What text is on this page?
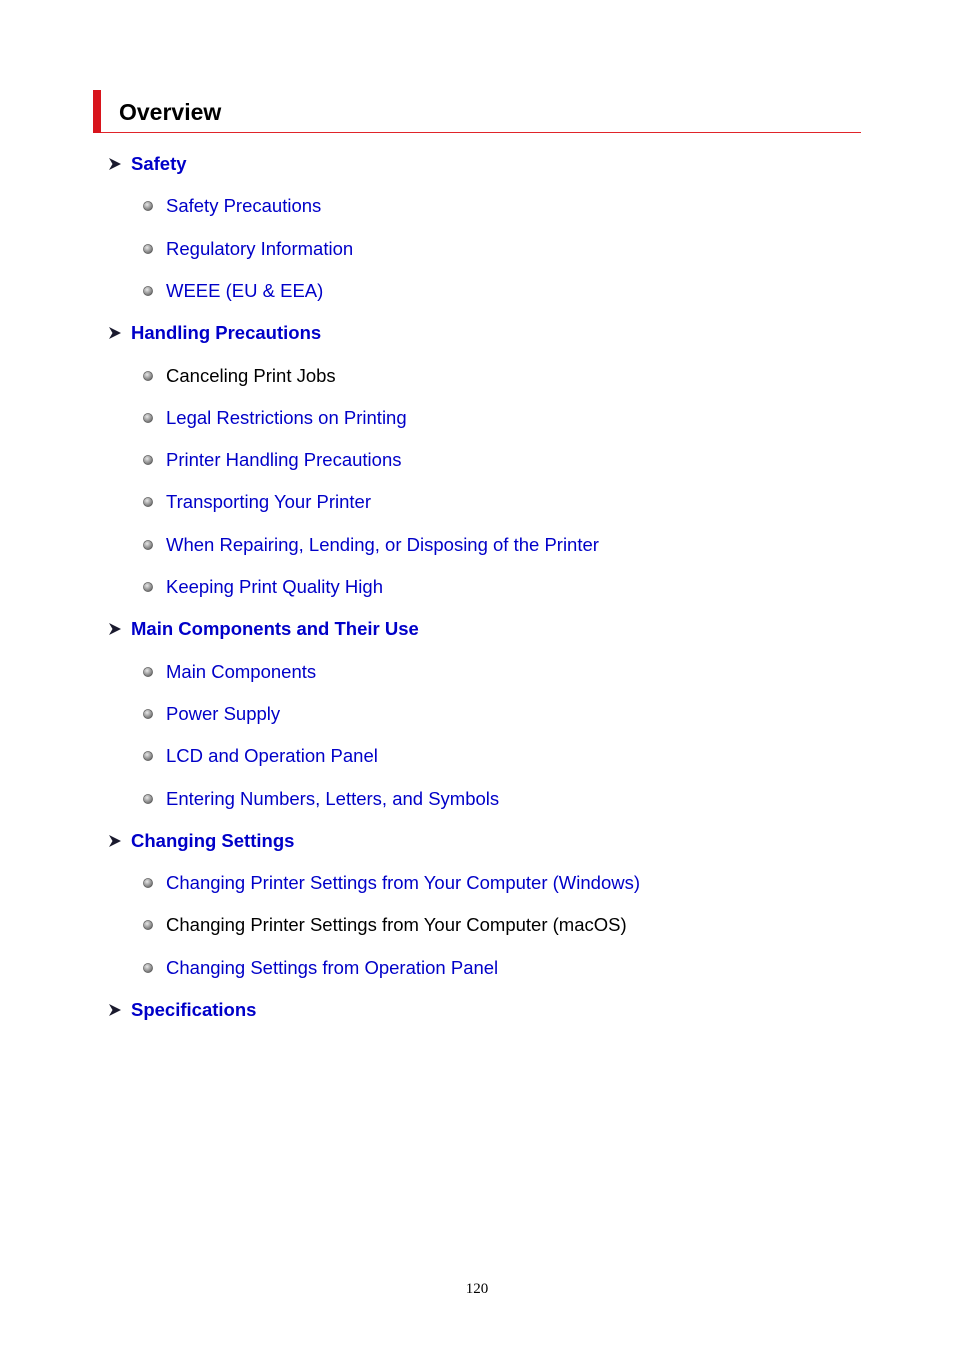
Overview
Safety
Safety Precautions
Regulatory Information
WEEE (EU & EEA)
Handling Precautions
Canceling Print Jobs
Legal Restrictions on Printing
Printer Handling Precautions
Transporting Your Printer
When Repairing, Lending, or Disposing of the Printer
Keeping Print Quality High
Main Components and Their Use
Main Components
Power Supply
LCD and Operation Panel
Entering Numbers, Letters, and Symbols
Changing Settings
Changing Printer Settings from Your Computer (Windows)
Changing Printer Settings from Your Computer (macOS)
Changing Settings from Operation Panel
Specifications
120
